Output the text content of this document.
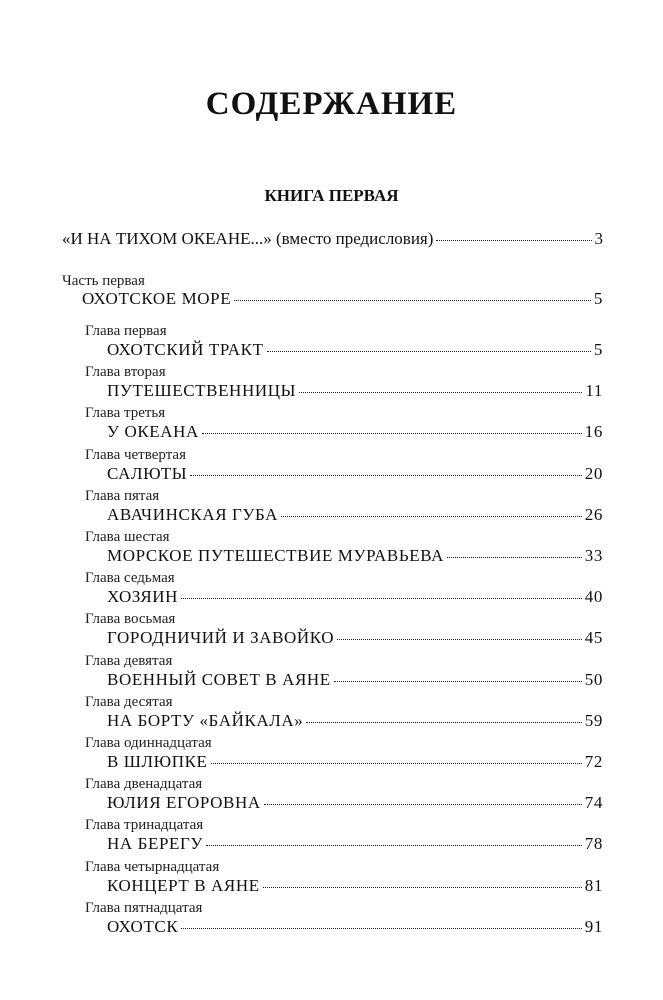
СОДЕРЖАНИЕ
КНИГА ПЕРВАЯ
«И НА ТИХОМ ОКЕАНЕ...» (вместо предисловия)	3
Часть первая
ОХОТСКОЕ МОРЕ	5
Глава первая
ОХОТСКИЙ ТРАКТ	5
Глава вторая
ПУТЕШЕСТВЕННИЦЫ	11
Глава третья
У ОКЕАНА	16
Глава четвертая
САЛЮТЫ	20
Глава пятая
АВАЧИНСКАЯ ГУБА	26
Глава шестая
МОРСКОЕ ПУТЕШЕСТВИЕ МУРАВЬЕВА	33
Глава седьмая
ХОЗЯИН	40
Глава восьмая
ГОРОДНИЧИЙ И ЗАВОЙКО	45
Глава девятая
ВОЕННЫЙ СОВЕТ В АЯНЕ	50
Глава десятая
НА БОРТУ «БАЙКАЛА»	59
Глава одиннадцатая
В ШЛЮПКЕ	72
Глава двенадцатая
ЮЛИЯ ЕГОРОВНА	74
Глава тринадцатая
НА БЕРЕГУ	78
Глава четырнадцатая
КОНЦЕРТ В АЯНЕ	81
Глава пятнадцатая
ОХОТСК	91
